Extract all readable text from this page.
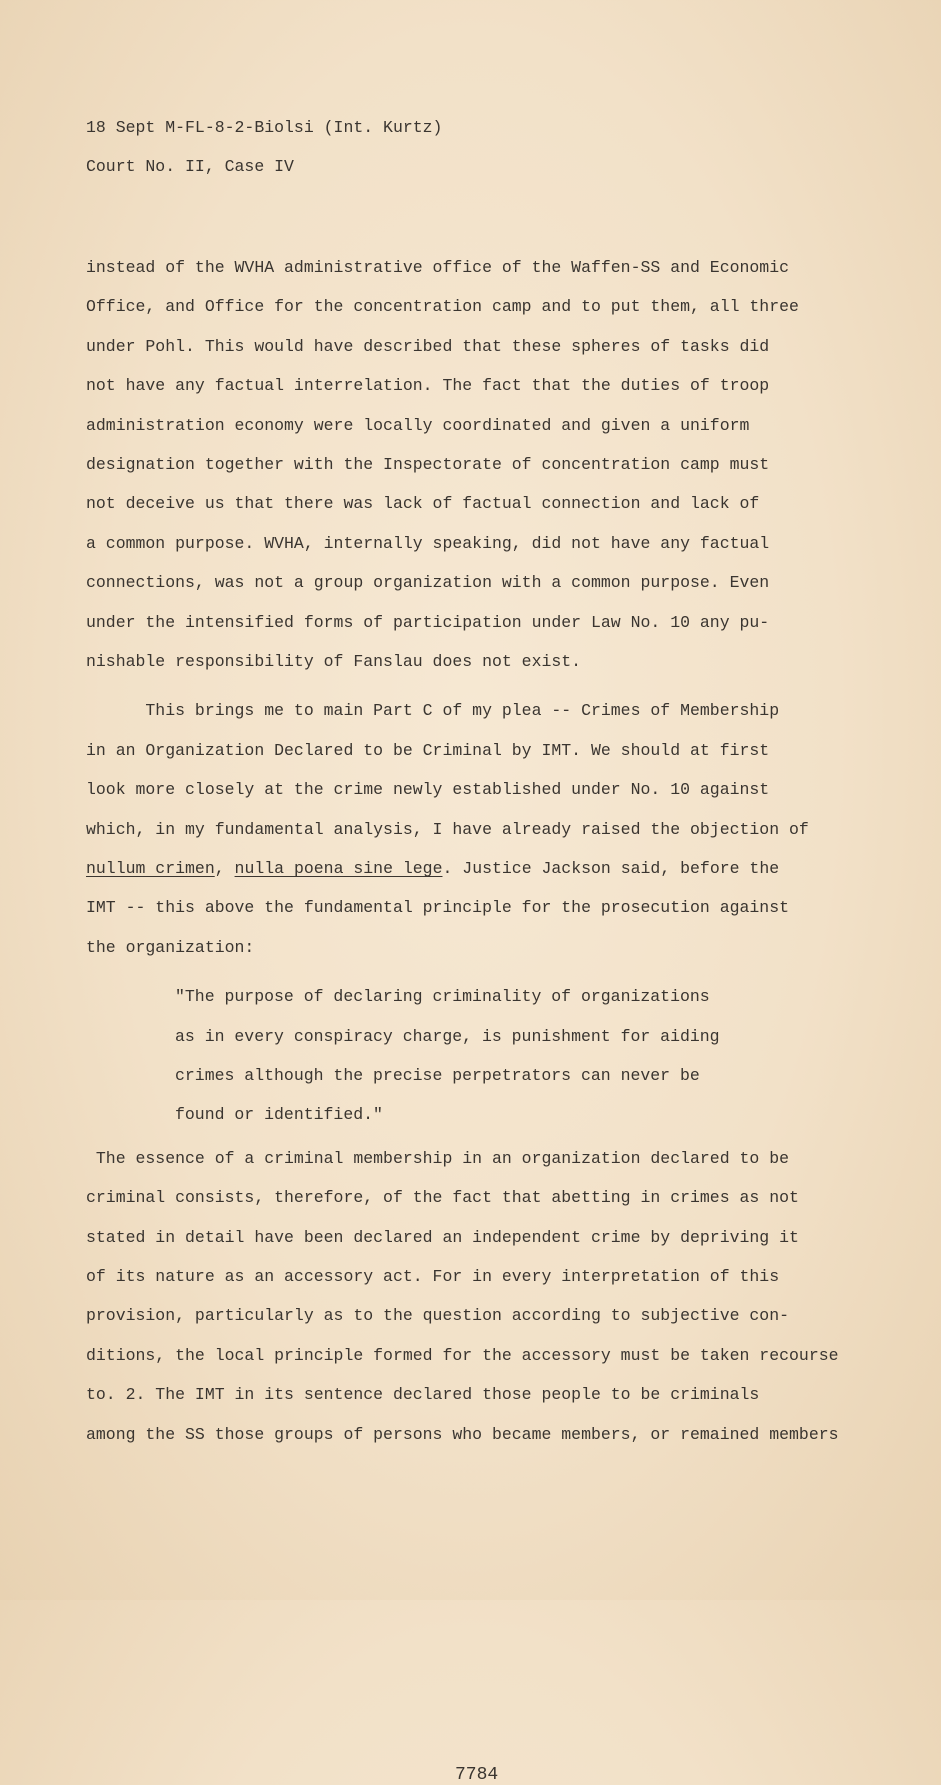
18 Sept M-FL-8-2-Biolsi (Int. Kurtz)
Court No. II, Case IV
instead of the WVHA administrative office of the Waffen-SS and Economic
Office, and Office for the concentration camp and to put them, all three
under Pohl. This would have described that these spheres of tasks did
not have any factual interrelation. The fact that the duties of troop
administration economy were locally coordinated and given a uniform
designation together with the Inspectorate of concentration camp must
not deceive us that there was lack of factual connection and lack of
a common purpose. WVHA, internally speaking, did not have any factual
connections, was not a group organization with a common purpose. Even
under the intensified forms of participation under Law No. 10 any pu-
nishable responsibility of Fanslau does not exist.
This brings me to main Part C of my plea -- Crimes of Membership
in an Organization Declared to be Criminal by IMT. We should at first
look more closely at the crime newly established under No. 10 against
which, in my fundamental analysis, I have already raised the objection of
nullum crimen, nulla poena sine lege. Justice Jackson said, before the
IMT -- this above the fundamental principle for the prosecution against
the organization:
"The purpose of declaring criminality of organizations
as in every conspiracy charge, is punishment for aiding
crimes although the precise perpetrators can never be
found or identified."
The essence of a criminal membership in an organization declared to be
criminal consists, therefore, of the fact that abetting in crimes as not
stated in detail have been declared an independent crime by depriving it
of its nature as an accessory act. For in every interpretation of this
provision, particularly as to the question according to subjective con-
ditions, the local principle formed for the accessory must be taken recourse
to. 2. The IMT in its sentence declared those people to be criminals
among the SS those groups of persons who became members, or remained members
7784
